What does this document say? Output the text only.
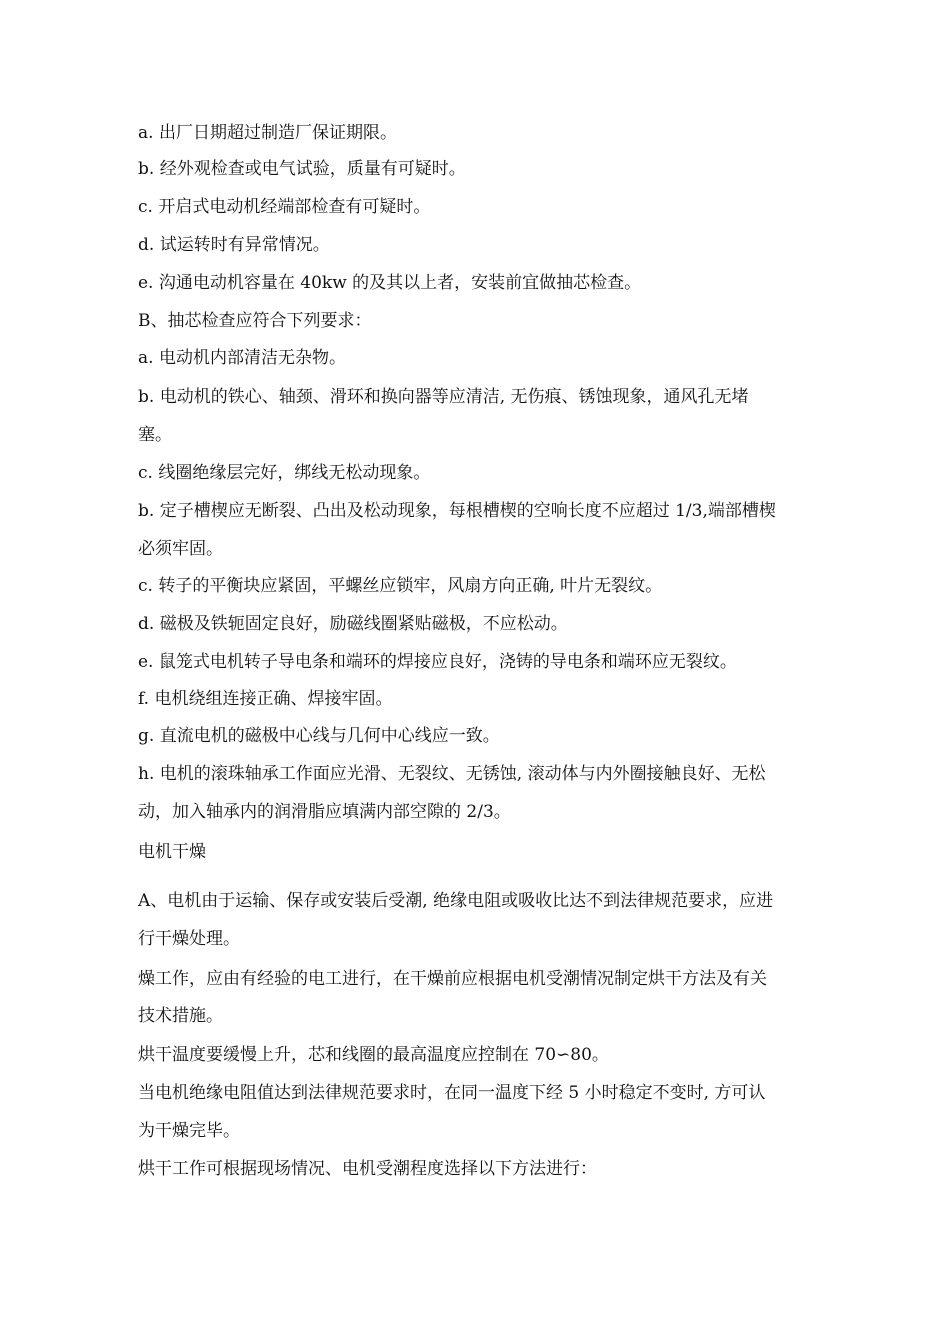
a. 出厂日期超过制造厂保证期限。
b. 经外观检查或电气试验，质量有可疑时。
c. 开启式电动机经端部检查有可疑时。
d. 试运转时有异常情况。
e. 沟通电动机容量在 40kw 的及其以上者，安装前宜做抽芯检查。
B、抽芯检查应符合下列要求：
a. 电动机内部清洁无杂物。
b. 电动机的铁心、轴颈、滑环和换向器等应清洁, 无伤痕、锈蚀现象，通风孔无堵
塞。
c. 线圈绝缘层完好，绑线无松动现象。
b. 定子槽楔应无断裂、凸出及松动现象，每根槽楔的空响长度不应超过 1/3,端部槽楔
必须牢固。
c. 转子的平衡块应紧固，平螺丝应锁牢，风扇方向正确, 叶片无裂纹。
d. 磁极及铁轭固定良好，励磁线圈紧贴磁极，不应松动。
e. 鼠笼式电机转子导电条和端环的焊接应良好，浇铸的导电条和端环应无裂纹。
f. 电机绕组连接正确、焊接牢固。
g. 直流电机的磁极中心线与几何中心线应一致。
h. 电机的滚珠轴承工作面应光滑、无裂纹、无锈蚀, 滚动体与内外圈接触良好、无松
动，加入轴承内的润滑脂应填满内部空隙的 2/3。
电机干燥
A、电机由于运输、保存或安装后受潮, 绝缘电阻或吸收比达不到法律规范要求，应进
行干燥处理。
燥工作，应由有经验的电工进行，在干燥前应根据电机受潮情况制定烘干方法及有关
技术措施。
烘干温度要缓慢上升，芯和线圈的最高温度应控制在 70∽80。
当电机绝缘电阻值达到法律规范要求时，在同一温度下经 5 小时稳定不变时, 方可认
为干燥完毕。
烘干工作可根据现场情况、电机受潮程度选择以下方法进行：
